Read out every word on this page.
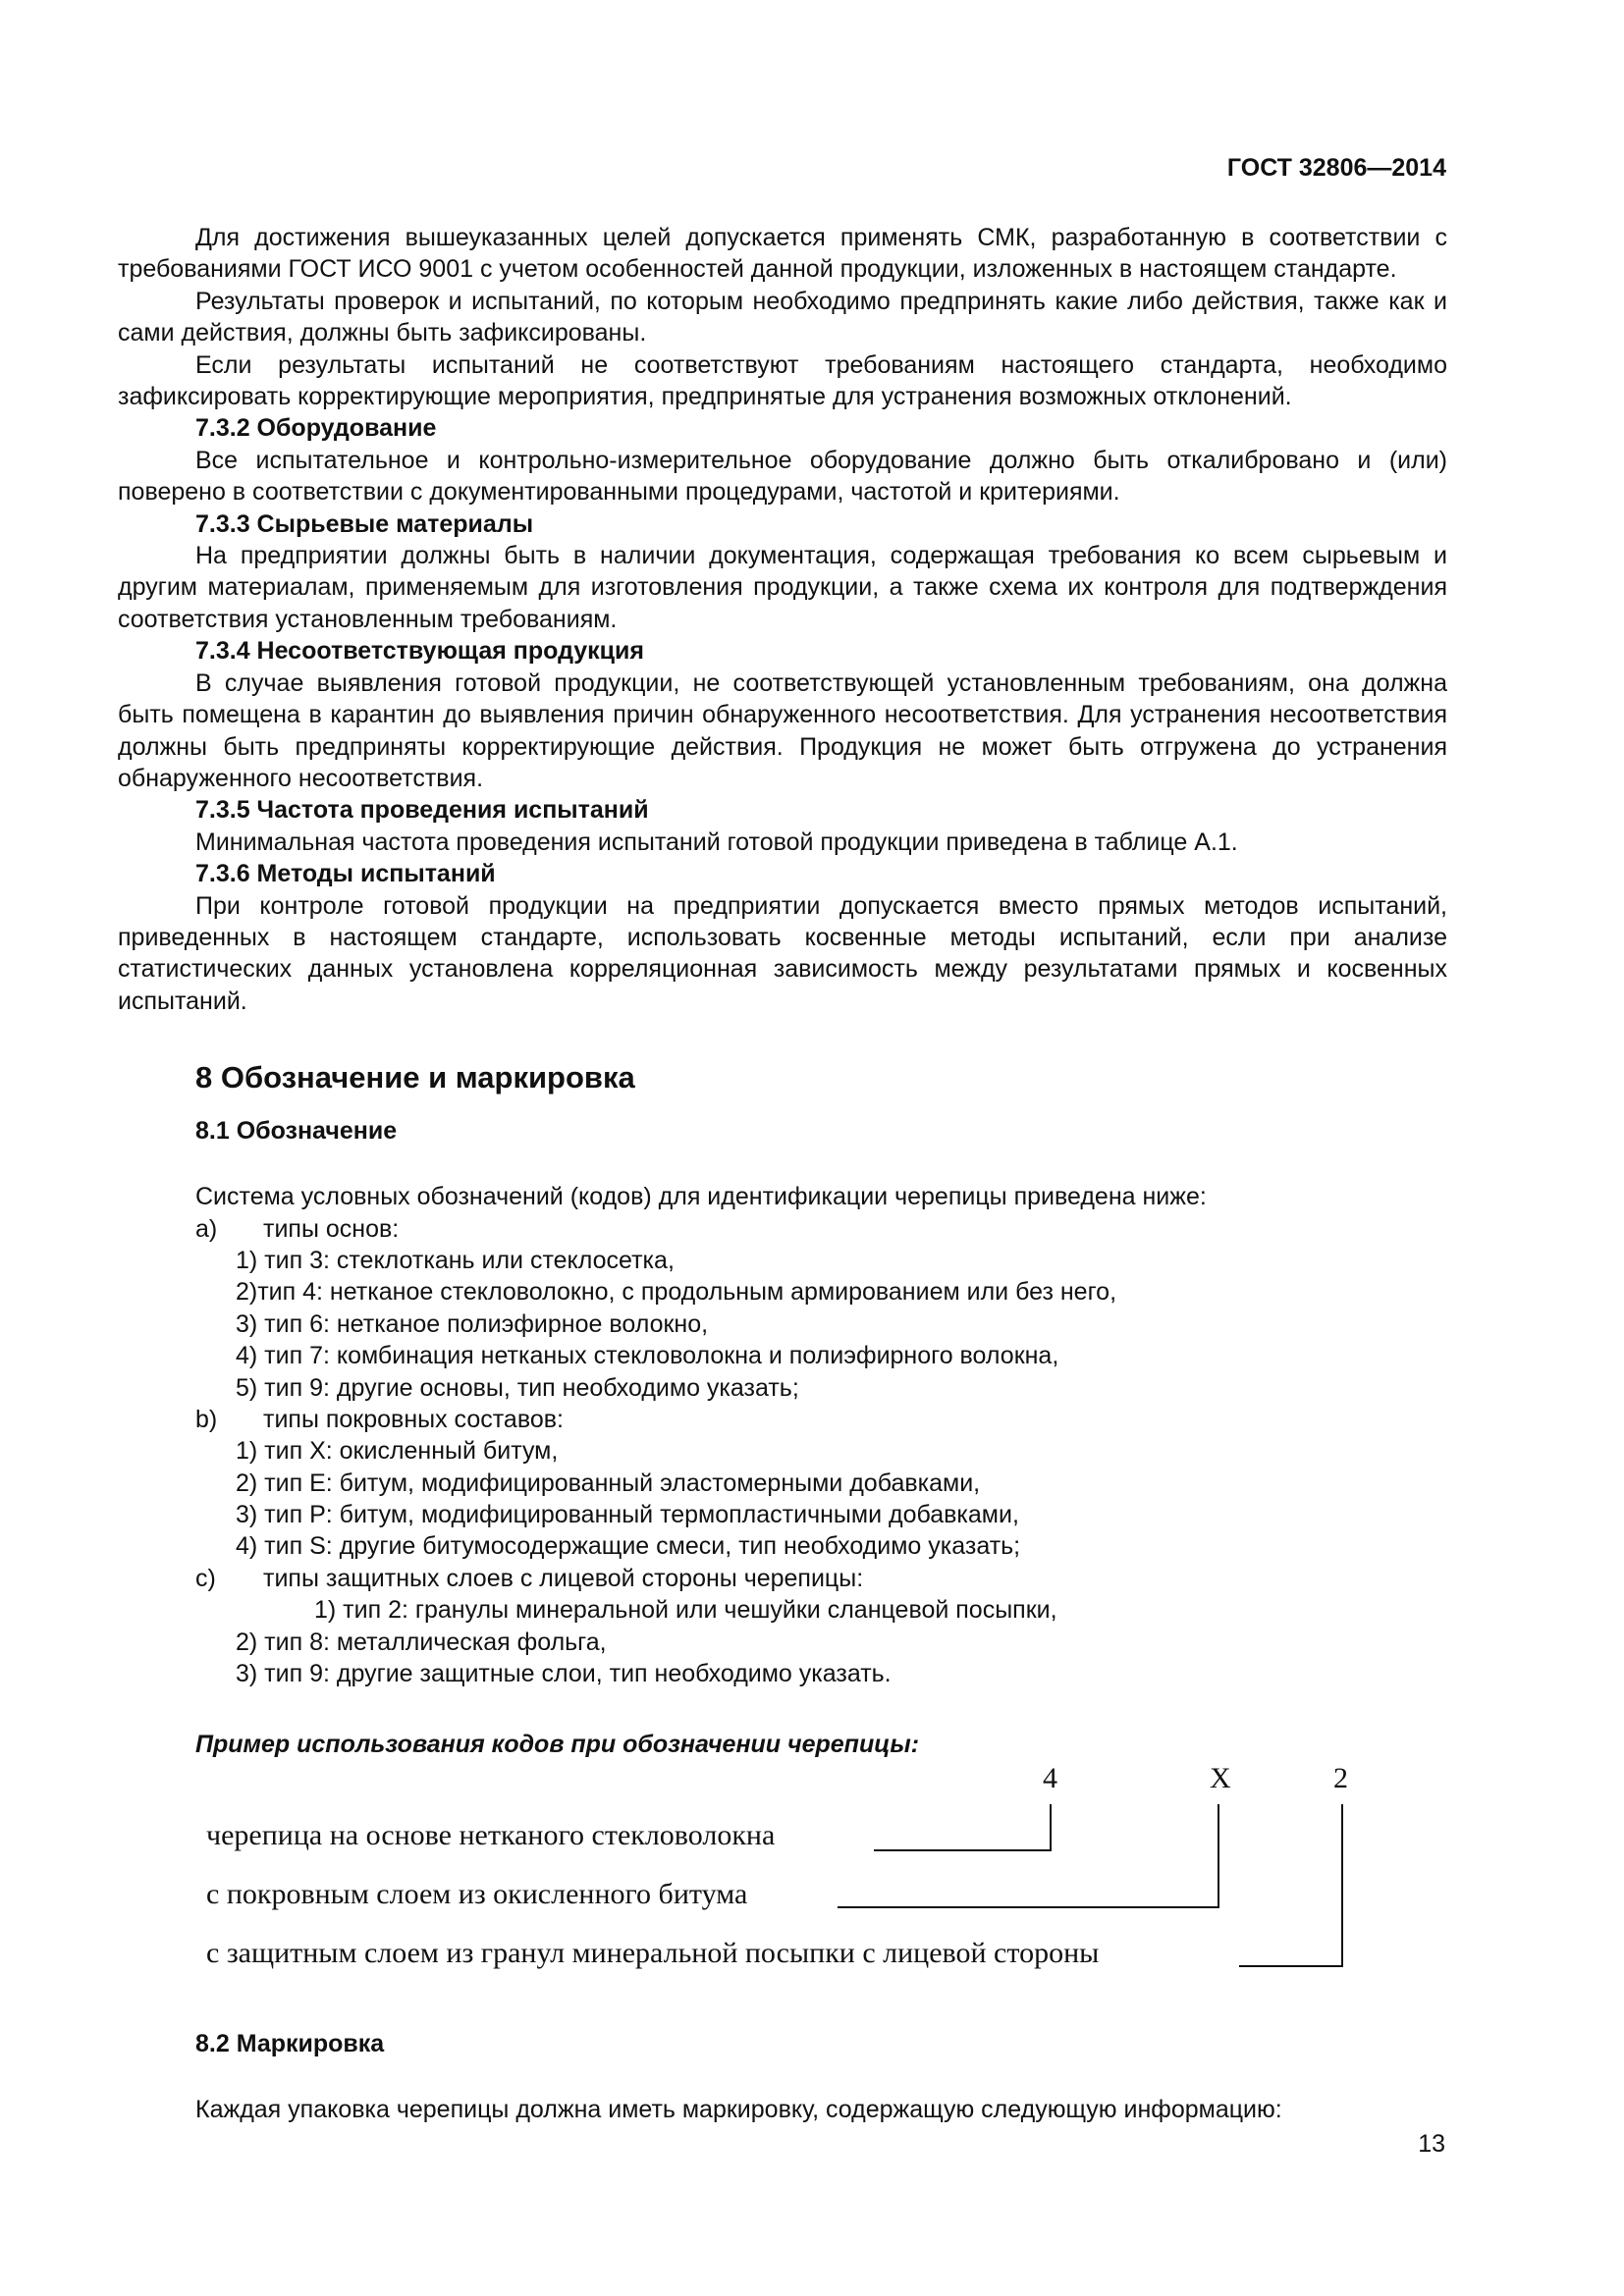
ГОСТ 32806—2014

Для достижения вышеуказанных целей допускается применять СМК, разработанную в соответствии с требованиями ГОСТ ИСО 9001 с учетом особенностей данной продукции, изложенных в настоящем стандарте.

Результаты проверок и испытаний, по которым необходимо предпринять какие либо действия, также как и сами действия, должны быть зафиксированы.

Если результаты испытаний не соответствуют требованиям настоящего стандарта, необходимо зафиксировать корректирующие мероприятия, предпринятые для устранения возможных отклонений.

7.3.2 Оборудование

Все испытательное и контрольно-измерительное оборудование должно быть откалибровано и (или) поверено в соответствии с документированными процедурами, частотой и критериями.

7.3.3 Сырьевые материалы

На предприятии должны быть в наличии документация, содержащая требования ко всем сырьевым и другим материалам, применяемым для изготовления продукции, а также схема их контроля для подтверждения соответствия установленным требованиям.

7.3.4 Несоответствующая продукция

В случае выявления готовой продукции, не соответствующей установленным требованиям, она должна быть помещена в карантин до выявления причин обнаруженного несоответствия. Для устранения несоответствия должны быть предприняты корректирующие действия. Продукция не может быть отгружена до устранения обнаруженного несоответствия.

7.3.5 Частота проведения испытаний

Минимальная частота проведения испытаний готовой продукции приведена в таблице А.1.

7.3.6 Методы испытаний

При контроле готовой продукции на предприятии допускается вместо прямых методов испытаний, приведенных в настоящем стандарте, использовать косвенные методы испытаний, если при анализе статистических данных установлена корреляционная зависимость между результатами прямых и косвенных испытаний.

8 Обозначение и маркировка
8.1 Обозначение

Система условных обозначений (кодов) для идентификации черепицы приведена ниже:

а) типы основ:

1) тип 3: стеклоткань или стеклосетка,

2)тип 4: нетканое стекловолокно, с продольным армированием или без него,

3) тип 6: нетканое полиэфирное волокно,

4) тип 7: комбинация нетканых стекловолокна и полиэфирного волокна,

5) тип 9: другие основы, тип необходимо указать;

b) типы покровных составов:

1) тип X: окисленный битум,

2) тип E: битум, модифицированный эластомерными добавками,

3) тип P: битум, модифицированный термопластичными добавками,

4) тип S: другие битумосодержащие смеси, тип необходимо указать;

c) типы защитных слоев с лицевой стороны черепицы:

1) тип 2: гранулы минеральной или чешуйки сланцевой посыпки,

2) тип 8: металлическая фольга,

3) тип 9: другие защитные слои, тип необходимо указать.

Пример использования кодов при обозначении черепицы:

4	X	2
черепица на основе нетканого стекловолокна
с покровным слоем из окисленного битума
с защитным слоем из гранул минеральной посыпки с лицевой стороны
8.2 Маркировка

Каждая упаковка черепицы должна иметь маркировку, содержащую следующую информацию:

13
